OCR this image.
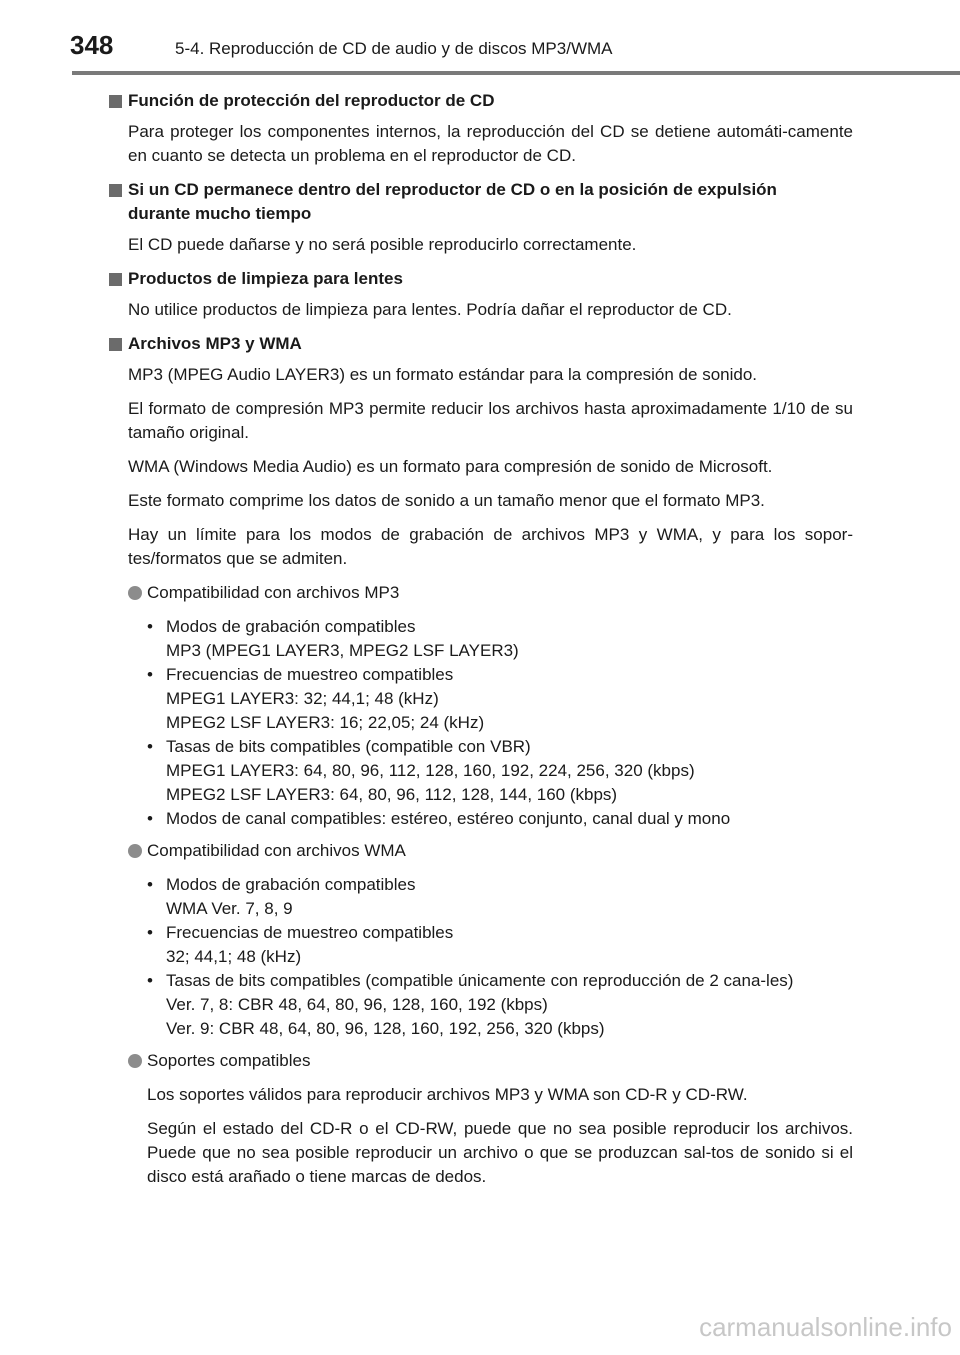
348	5-4. Reproducción de CD de audio y de discos MP3/WMA
Función de protección del reproductor de CD
Para proteger los componentes internos, la reproducción del CD se detiene automáti-camente en cuanto se detecta un problema en el reproductor de CD.
Si un CD permanece dentro del reproductor de CD o en la posición de expulsión durante mucho tiempo
El CD puede dañarse y no será posible reproducirlo correctamente.
Productos de limpieza para lentes
No utilice productos de limpieza para lentes. Podría dañar el reproductor de CD.
Archivos MP3 y WMA
MP3 (MPEG Audio LAYER3) es un formato estándar para la compresión de sonido.
El formato de compresión MP3 permite reducir los archivos hasta aproximadamente 1/10 de su tamaño original.
WMA (Windows Media Audio) es un formato para compresión de sonido de Microsoft.
Este formato comprime los datos de sonido a un tamaño menor que el formato MP3.
Hay un límite para los modos de grabación de archivos MP3 y WMA, y para los sopor-tes/formatos que se admiten.
Compatibilidad con archivos MP3
• Modos de grabación compatibles
MP3 (MPEG1 LAYER3, MPEG2 LSF LAYER3)
• Frecuencias de muestreo compatibles
MPEG1 LAYER3: 32; 44,1; 48 (kHz)
MPEG2 LSF LAYER3: 16; 22,05; 24 (kHz)
• Tasas de bits compatibles (compatible con VBR)
MPEG1 LAYER3: 64, 80, 96, 112, 128, 160, 192, 224, 256, 320 (kbps)
MPEG2 LSF LAYER3: 64, 80, 96, 112, 128, 144, 160 (kbps)
• Modos de canal compatibles: estéreo, estéreo conjunto, canal dual y mono
Compatibilidad con archivos WMA
• Modos de grabación compatibles
WMA Ver. 7, 8, 9
• Frecuencias de muestreo compatibles
32; 44,1; 48 (kHz)
• Tasas de bits compatibles (compatible únicamente con reproducción de 2 cana-les)
Ver. 7, 8: CBR 48, 64, 80, 96, 128, 160, 192 (kbps)
Ver. 9: CBR 48, 64, 80, 96, 128, 160, 192, 256, 320 (kbps)
Soportes compatibles
Los soportes válidos para reproducir archivos MP3 y WMA son CD-R y CD-RW.
Según el estado del CD-R o el CD-RW, puede que no sea posible reproducir los archivos. Puede que no sea posible reproducir un archivo o que se produzcan sal-tos de sonido si el disco está arañado o tiene marcas de dedos.
carmanualsonline.info
